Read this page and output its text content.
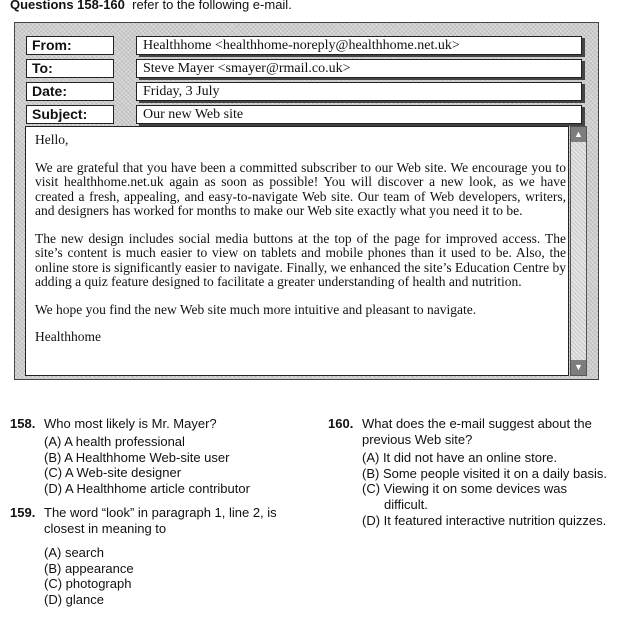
Questions 158-160 refer to the following e-mail.
From:	Healthhome <healthhome-noreply@healthhome.net.uk>
To:	Steve Mayer <smayer@rmail.co.uk>
Date:	Friday, 3 July
Subject:	Our new Web site

Hello,

We are grateful that you have been a committed subscriber to our Web site. We encourage you to visit healthhome.net.uk again as soon as possible! You will discover a new look, as we have created a fresh, appealing, and easy-to-navigate Web site. Our team of Web developers, writers, and designers has worked for months to make our Web site exactly what you need it to be.

The new design includes social media buttons at the top of the page for improved access. The site’s content is much easier to view on tablets and mobile phones than it used to be. Also, the online store is significantly easier to navigate. Finally, we enhanced the site’s Education Centre by adding a quiz feature designed to facilitate a greater understanding of health and nutrition.

We hope you find the new Web site much more intuitive and pleasant to navigate.

Healthhome

▲
▼
158. Who most likely is Mr. Mayer?
(A) A health professional
(B) A Healthhome Web-site user
(C) A Web-site designer
(D) A Healthhome article contributor
159. The word “look” in paragraph 1, line 2, is closest in meaning to
(A) search
(B) appearance
(C) photograph
(D) glance
160. What does the e-mail suggest about the previous Web site?
(A) It did not have an online store.
(B) Some people visited it on a daily basis.
(C) Viewing it on some devices was difficult.
(D) It featured interactive nutrition quizzes.
